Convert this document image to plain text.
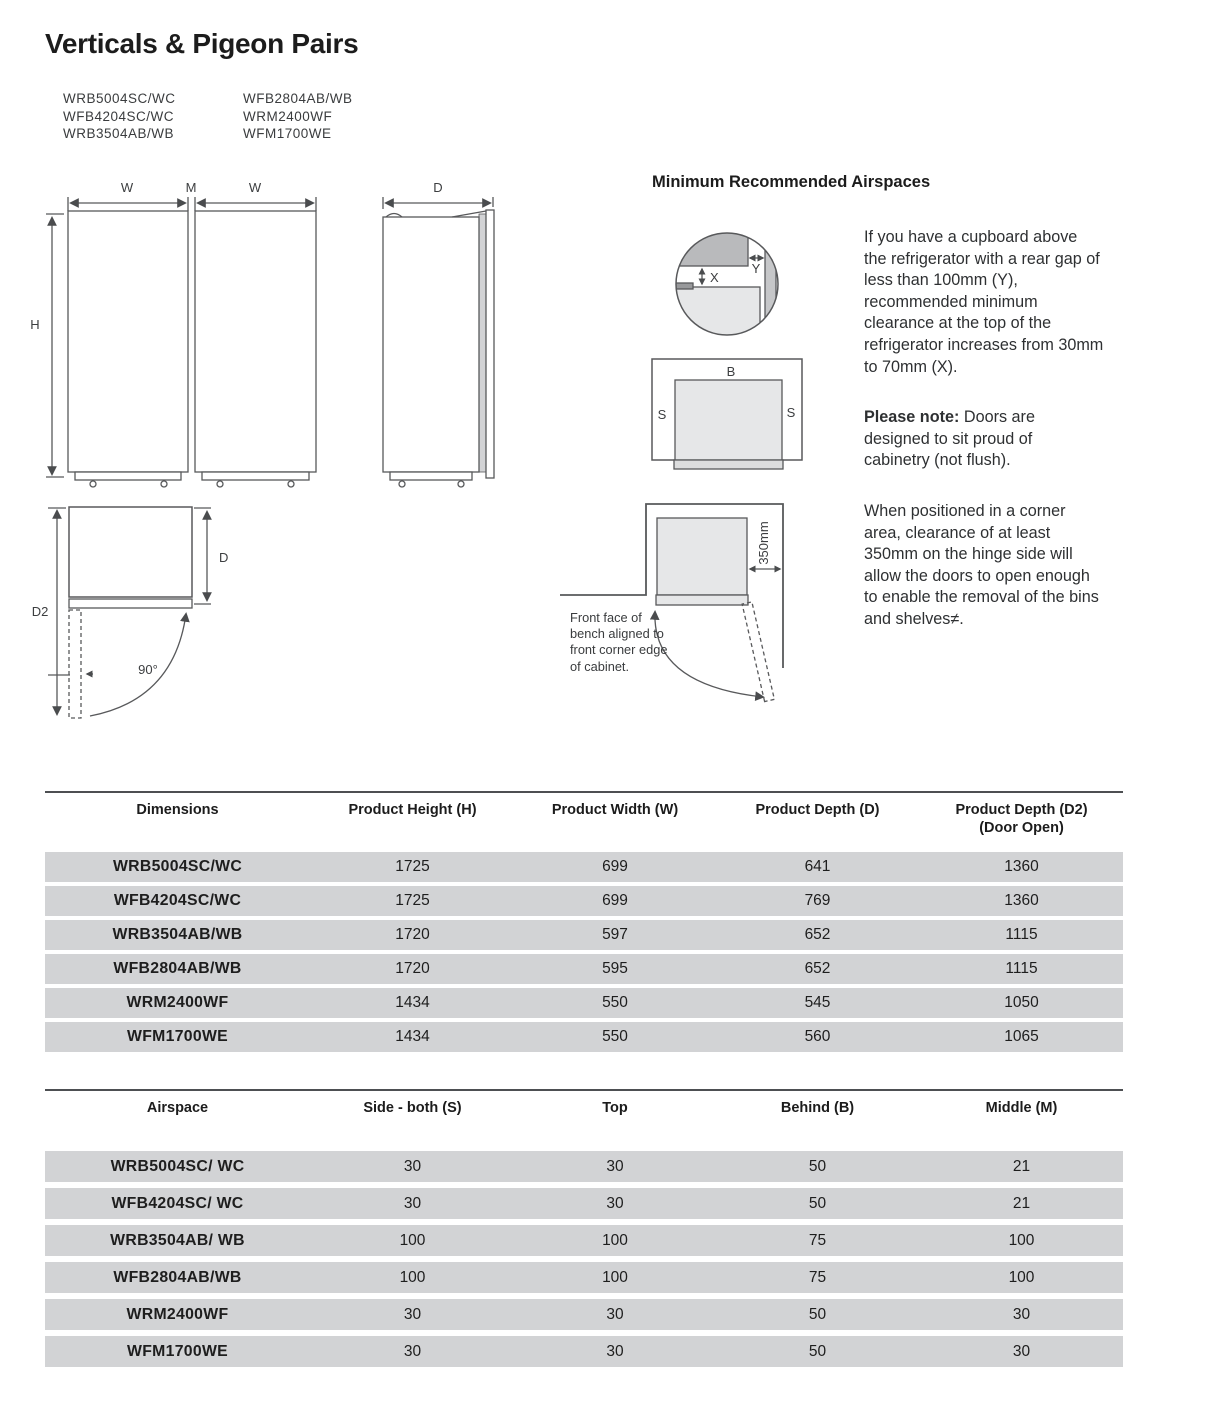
Verticals & Pigeon Pairs
WRB5004SC/WC
WFB4204SC/WC
WRB3504AB/WB
WFB2804AB/WB
WRM2400WF
WFM1700WE
W	M	W
H
D
D2
D
90°
X
Y
B
S	S
350mm
Minimum Recommended Airspaces
If you have a cupboard above the refrigerator with a rear gap of less than 100mm (Y), recommended minimum clearance at the top of the refrigerator increases from 30mm to 70mm (X).
Please note: Doors are designed to sit proud of cabinetry (not flush).
When positioned in a corner area, clearance of at least 350mm on the hinge side will allow the doors to open enough to enable the removal of the bins and shelves≠.
Front face of bench aligned to front corner edge of cabinet.
Dimensions	Product Height (H)	Product Width (W)	Product Depth (D)	Product Depth (D2)
(Door Open)
WRB5004SC/WC	1725	699	641	1360
WFB4204SC/WC	1725	699	769	1360
WRB3504AB/WB	1720	597	652	1115
WFB2804AB/WB	1720	595	652	1115
WRM2400WF	1434	550	545	1050
WFM1700WE	1434	550	560	1065
Airspace	Side - both (S)	Top	Behind (B)	Middle (M)
WRB5004SC/ WC	30	30	50	21
WFB4204SC/ WC	30	30	50	21
WRB3504AB/ WB	100	100	75	100
WFB2804AB/WB	100	100	75	100
WRM2400WF	30	30	50	30
WFM1700WE	30	30	50	30
